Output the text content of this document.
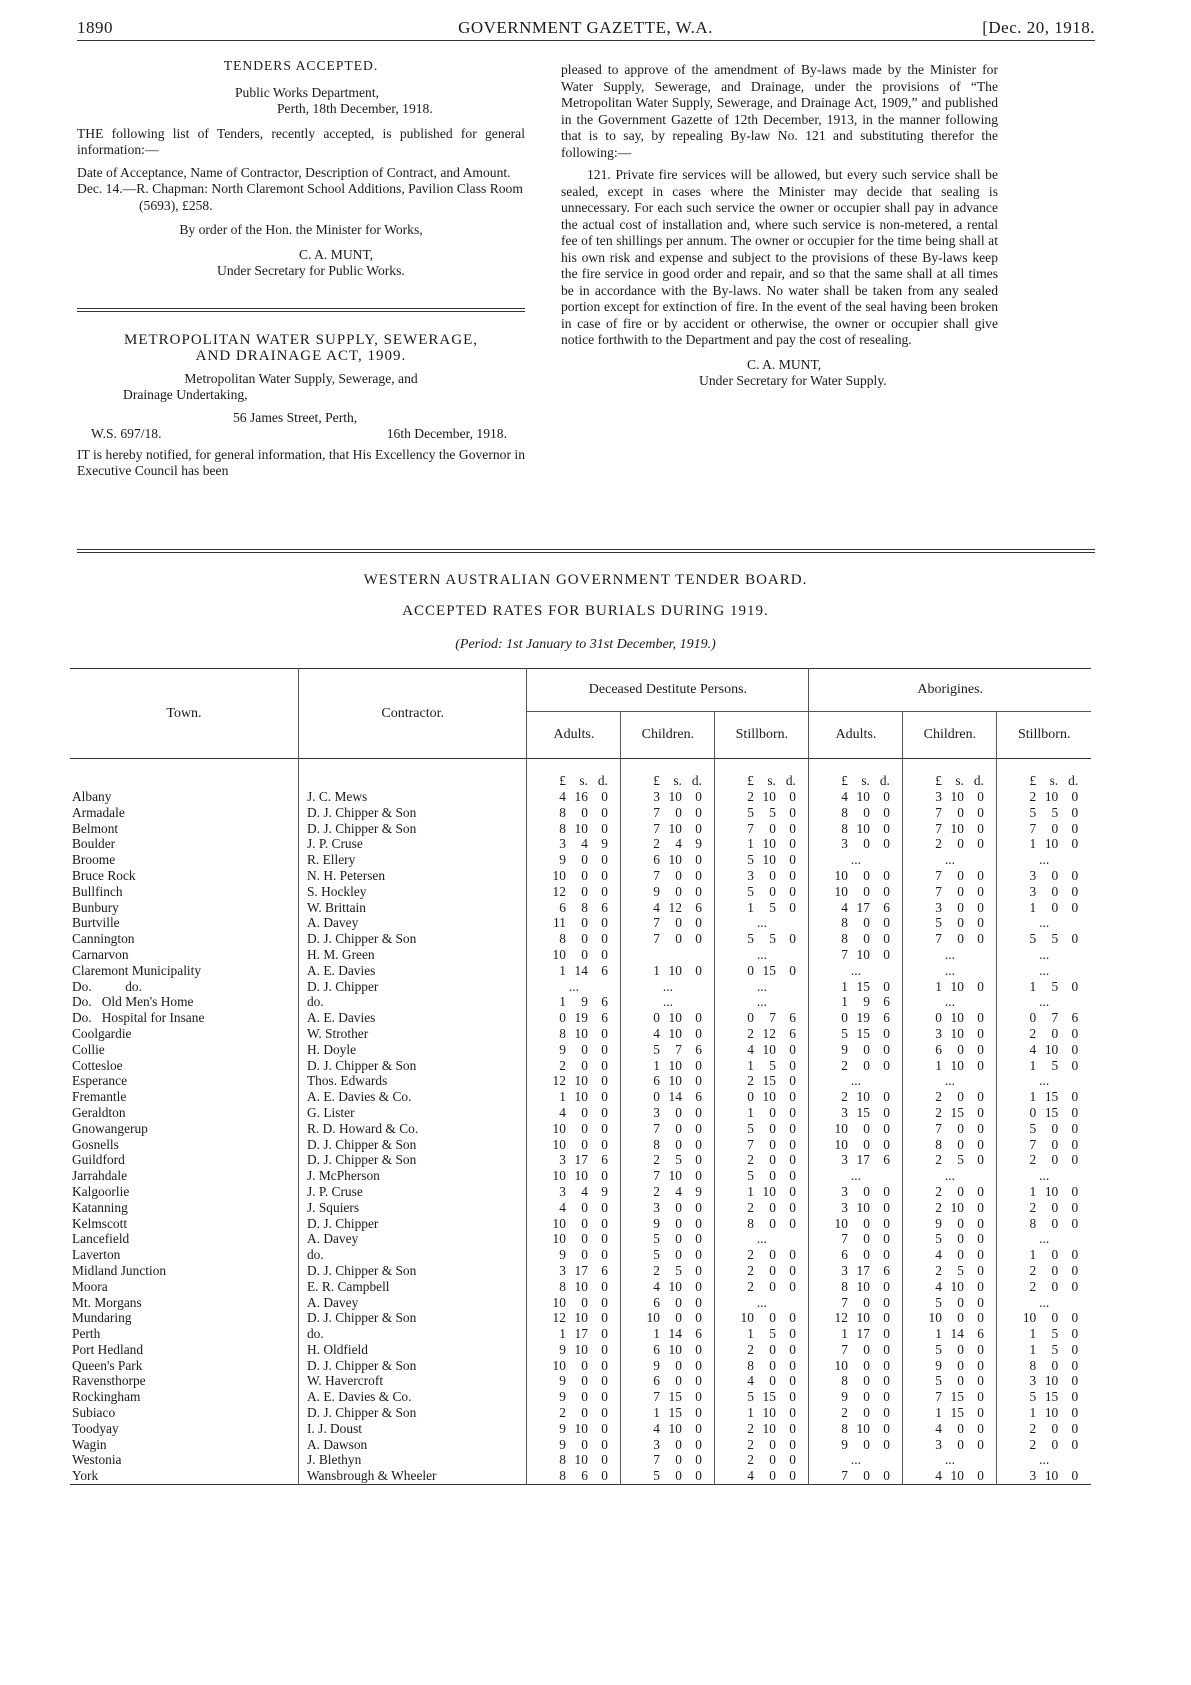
1890	GOVERNMENT GAZETTE, W.A.	[Dec. 20, 1918.
TENDERS ACCEPTED.
Public Works Department,
Perth, 18th December, 1918.

THE following list of Tenders, recently accepted, is published for general information:—

Date of Acceptance, Name of Contractor, Description of Contract, and Amount.

Dec. 14.—R. Chapman: North Claremont School Additions, Pavilion Class Room (5693), £258.

By order of the Hon. the Minister for Works,
C. A. MUNT,
Under Secretary for Public Works.
METROPOLITAN WATER SUPPLY, SEWERAGE,
AND DRAINAGE ACT, 1909.
Metropolitan Water Supply, Sewerage, and
Drainage Undertaking,
56 James Street, Perth,
W.S. 697/18.	16th December, 1918.

IT is hereby notified, for general information, that His Excellency the Governor in Executive Council has been

pleased to approve of the amendment of By-laws made by the Minister for Water Supply, Sewerage, and Drainage, under the provisions of “The Metropolitan Water Supply, Sewerage, and Drainage Act, 1909,” and published in the Government Gazette of 12th December, 1913, in the manner following that is to say, by repealing By-law No. 121 and substituting therefor the following:—

121. Private fire services will be allowed, but every such service shall be sealed, except in cases where the Minister may decide that sealing is unnecessary. For each such service the owner or occupier shall pay in advance the actual cost of installation and, where such service is non-metered, a rental fee of ten shillings per annum. The owner or occupier for the time being shall at his own risk and expense and subject to the provisions of these By-laws keep the fire service in good order and repair, and so that the same shall at all times be in accordance with the By-laws. No water shall be taken from any sealed portion except for extinction of fire. In the event of the seal having been broken in case of fire or by accident or otherwise, the owner or occupier shall give notice forthwith to the Department and pay the cost of resealing.

C. A. MUNT,
Under Secretary for Water Supply.
WESTERN AUSTRALIAN GOVERNMENT TENDER BOARD.
ACCEPTED RATES FOR BURIALS DURING 1919.
(Period: 1st January to 31st December, 1919.)
Town.	Contractor.	Deceased Destitute Persons.			Aborigines.		
		Adults.	Children.	Stillborn.	Adults.	Children.	Stillborn.
		£ s. d.	£ s. d.	£ s. d.	£ s. d.	£ s. d.	£ s. d.
Albany	J. C. Mews	4 16 0	3 10 0	2 10 0	4 10 0	3 10 0	2 10 0
Armadale	D. J. Chipper & Son	8 0 0	7 0 0	5 5 0	8 0 0	7 0 0	5 5 0
Belmont	D. J. Chipper & Son	8 10 0	7 10 0	7 0 0	8 10 0	7 10 0	7 0 0
Boulder	J. P. Cruse	3 4 9	2 4 9	1 10 0	3 0 0	2 0 0	1 10 0
Broome	R. Ellery	9 0 0	6 10 0	5 10 0	...	...	...
Bruce Rock	N. H. Petersen	10 0 0	7 0 0	3 0 0	10 0 0	7 0 0	3 0 0
Bullfinch	S. Hockley	12 0 0	9 0 0	5 0 0	10 0 0	7 0 0	3 0 0
Bunbury	W. Brittain	6 8 6	4 12 6	1 5 0	4 17 6	3 0 0	1 0 0
Burtville	A. Davey	11 0 0	7 0 0	...	8 0 0	5 0 0	...
Cannington	D. J. Chipper & Son	8 0 0	7 0 0	5 5 0	8 0 0	7 0 0	5 5 0
Carnarvon	H. M. Green	10 0 0		...	7 10 0	...	...
Claremont Municipality	A. E. Davies	1 14 6	1 10 0	0 15 0	...	...	...
Do.          do.	D. J. Chipper	...	...	...	1 15 0	1 10 0	1 5 0
Do.   Old Men's Home	do.	1 9 6	...	...	1 9 6	...	...
Do.   Hospital for Insane	A. E. Davies	0 19 6	0 10 0	0 7 6	0 19 6	0 10 0	0 7 6
Coolgardie	W. Strother	8 10 0	4 10 0	2 12 6	5 15 0	3 10 0	2 0 0
Collie	H. Doyle	9 0 0	5 7 6	4 10 0	9 0 0	6 0 0	4 10 0
Cottesloe	D. J. Chipper & Son	2 0 0	1 10 0	1 5 0	2 0 0	1 10 0	1 5 0
Esperance	Thos. Edwards	12 10 0	6 10 0	2 15 0	...	...	...
Fremantle	A. E. Davies & Co.	1 10 0	0 14 6	0 10 0	2 10 0	2 0 0	1 15 0
Geraldton	G. Lister	4 0 0	3 0 0	1 0 0	3 15 0	2 15 0	0 15 0
Gnowangerup	R. D. Howard & Co.	10 0 0	7 0 0	5 0 0	10 0 0	7 0 0	5 0 0
Gosnells	D. J. Chipper & Son	10 0 0	8 0 0	7 0 0	10 0 0	8 0 0	7 0 0
Guildford	D. J. Chipper & Son	3 17 6	2 5 0	2 0 0	3 17 6	2 5 0	2 0 0
Jarrahdale	J. McPherson	10 10 0	7 10 0	5 0 0	...	...	...
Kalgoorlie	J. P. Cruse	3 4 9	2 4 9	1 10 0	3 0 0	2 0 0	1 10 0
Katanning	J. Squiers	4 0 0	3 0 0	2 0 0	3 10 0	2 10 0	2 0 0
Kelmscott	D. J. Chipper	10 0 0	9 0 0	8 0 0	10 0 0	9 0 0	8 0 0
Lancefield	A. Davey	10 0 0	5 0 0	...	7 0 0	5 0 0	...
Laverton	do.	9 0 0	5 0 0	2 0 0	6 0 0	4 0 0	1 0 0
Midland Junction	D. J. Chipper & Son	3 17 6	2 5 0	2 0 0	3 17 6	2 5 0	2 0 0
Moora	E. R. Campbell	8 10 0	4 10 0	2 0 0	8 10 0	4 10 0	2 0 0
Mt. Morgans	A. Davey	10 0 0	6 0 0	...	7 0 0	5 0 0	...
Mundaring	D. J. Chipper & Son	12 10 0	10 0 0	10 0 0	12 10 0	10 0 0	10 0 0
Perth	do.	1 17 0	1 14 6	1 5 0	1 17 0	1 14 6	1 5 0
Port Hedland	H. Oldfield	9 10 0	6 10 0	2 0 0	7 0 0	5 0 0	1 5 0
Queen's Park	D. J. Chipper & Son	10 0 0	9 0 0	8 0 0	10 0 0	9 0 0	8 0 0
Ravensthorpe	W. Havercroft	9 0 0	6 0 0	4 0 0	8 0 0	5 0 0	3 10 0
Rockingham	A. E. Davies & Co.	9 0 0	7 15 0	5 15 0	9 0 0	7 15 0	5 15 0
Subiaco	D. J. Chipper & Son	2 0 0	1 15 0	1 10 0	2 0 0	1 15 0	1 10 0
Toodyay	I. J. Doust	9 10 0	4 10 0	2 10 0	8 10 0	4 0 0	2 0 0
Wagin	A. Dawson	9 0 0	3 0 0	2 0 0	9 0 0	3 0 0	2 0 0
Westonia	J. Blethyn	8 10 0	7 0 0	2 0 0	...	...	...
York	Wansbrough & Wheeler	8 6 0	5 0 0	4 0 0	7 0 0	4 10 0	3 10 0
